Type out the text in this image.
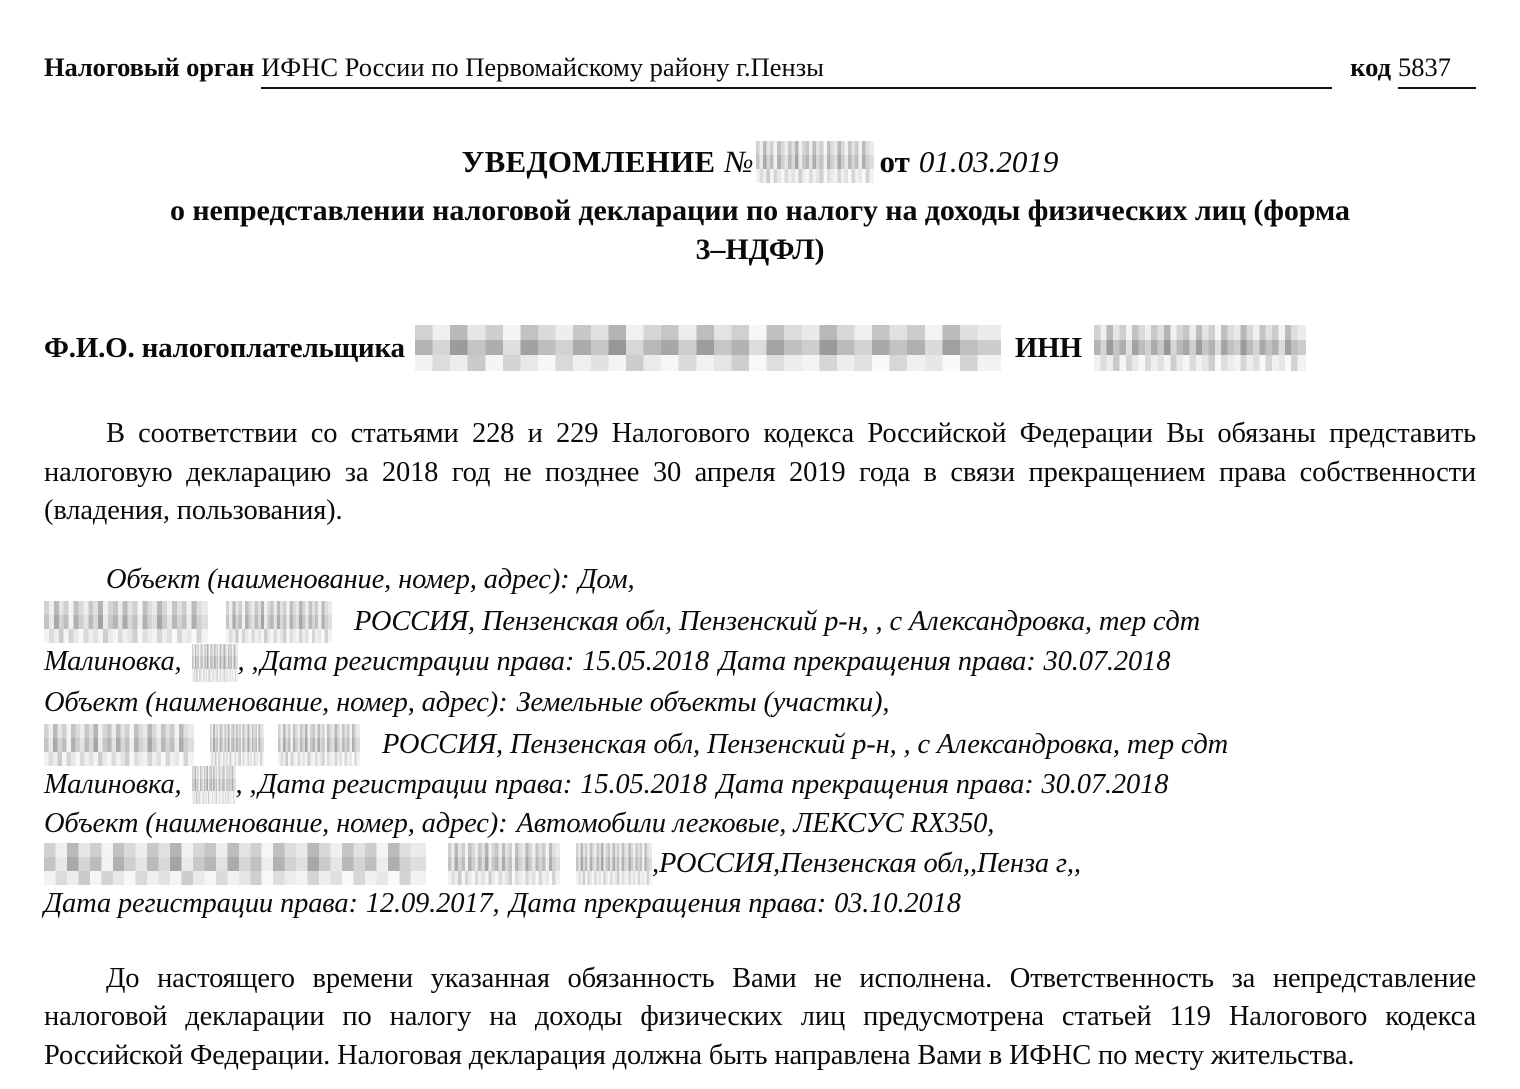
Налоговый орган ИФНС России по Первомайскому району г.Пензы	код 5837
УВЕДОМЛЕНИЕ №	от 01.03.2019
о непредставлении налоговой декларации по налогу на доходы физических лиц (форма 3–НДФЛ)
Ф.И.О. налогоплательщика	ИНН

В соответствии со статьями 228 и 229 Налогового кодекса Российской Федерации Вы обязаны представить налоговую декларацию за 2018 год не позднее 30 апреля 2019 года в связи прекращением права собственности (владения, пользования).

Объект (наименование, номер, адрес): Дом,
РОССИЯ, Пензенская обл, Пензенский р-н, , с Александровка, тер сдт
Малиновка, , , Дата регистрации права: 15.05.2018 Дата прекращения права: 30.07.2018
Объект (наименование, номер, адрес): Земельные объекты (участки),
РОССИЯ, Пензенская обл, Пензенский р-н, , с Александровка, тер сдт
Малиновка, , , Дата регистрации права: 15.05.2018 Дата прекращения права: 30.07.2018
Объект (наименование, номер, адрес): Автомобили легковые, ЛЕКСУС RX350,
,РОССИЯ,Пензенская обл,,Пенза г,,
Дата регистрации права: 12.09.2017 , Дата прекращения права: 03.10.2018

До настоящего времени указанная обязанность Вами не исполнена. Ответственность за непредставление налоговой декларации по налогу на доходы физических лиц предусмотрена статьей 119 Налогового кодекса Российской Федерации. Налоговая декларация должна быть направлена Вами в ИФНС по месту жительства.
